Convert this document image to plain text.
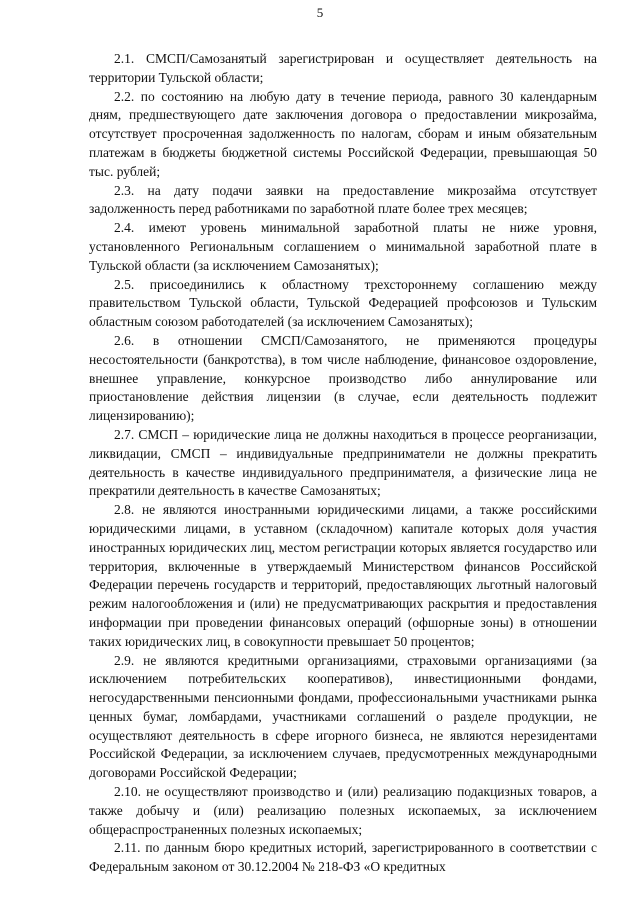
5

2.1. СМСП/Самозанятый зарегистрирован и осуществляет деятельность на территории Тульской области;

2.2. по состоянию на любую дату в течение периода, равного 30 календарным дням, предшествующего дате заключения договора о предоставлении микрозайма, отсутствует просроченная задолженность по налогам, сборам и иным обязательным платежам в бюджеты бюджетной системы Российской Федерации, превышающая 50 тыс. рублей;

2.3. на дату подачи заявки на предоставление микрозайма отсутствует задолженность перед работниками по заработной плате более трех месяцев;

2.4. имеют уровень минимальной заработной платы не ниже уровня, установленного Региональным соглашением о минимальной заработной плате в Тульской области (за исключением Самозанятых);

2.5. присоединились к областному трехстороннему соглашению между правительством Тульской области, Тульской Федерацией профсоюзов и Тульским областным союзом работодателей (за исключением Самозанятых);

2.6. в отношении СМСП/Самозанятого, не применяются процедуры несостоятельности (банкротства), в том числе наблюдение, финансовое оздоровление, внешнее управление, конкурсное производство либо аннулирование или приостановление действия лицензии (в случае, если деятельность подлежит лицензированию);

2.7. СМСП – юридические лица не должны находиться в процессе реорганизации, ликвидации, СМСП – индивидуальные предприниматели не должны прекратить деятельность в качестве индивидуального предпринимателя, а физические лица не прекратили деятельность в качестве Самозанятых;

2.8. не являются иностранными юридическими лицами, а также российскими юридическими лицами, в уставном (складочном) капитале которых доля участия иностранных юридических лиц, местом регистрации которых является государство или территория, включенные в утверждаемый Министерством финансов Российской Федерации перечень государств и территорий, предоставляющих льготный налоговый режим налогообложения и (или) не предусматривающих раскрытия и предоставления информации при проведении финансовых операций (офшорные зоны) в отношении таких юридических лиц, в совокупности превышает 50 процентов;

2.9. не являются кредитными организациями, страховыми организациями (за исключением потребительских кооперативов), инвестиционными фондами, негосударственными пенсионными фондами, профессиональными участниками рынка ценных бумаг, ломбардами, участниками соглашений о разделе продукции, не осуществляют деятельность в сфере игорного бизнеса, не являются нерезидентами Российской Федерации, за исключением случаев, предусмотренных международными договорами Российской Федерации;

2.10. не осуществляют производство и (или) реализацию подакцизных товаров, а также добычу и (или) реализацию полезных ископаемых, за исключением общераспространенных полезных ископаемых;

2.11. по данным бюро кредитных историй, зарегистрированного в соответствии с Федеральным законом от 30.12.2004 № 218-ФЗ «О кредитных
